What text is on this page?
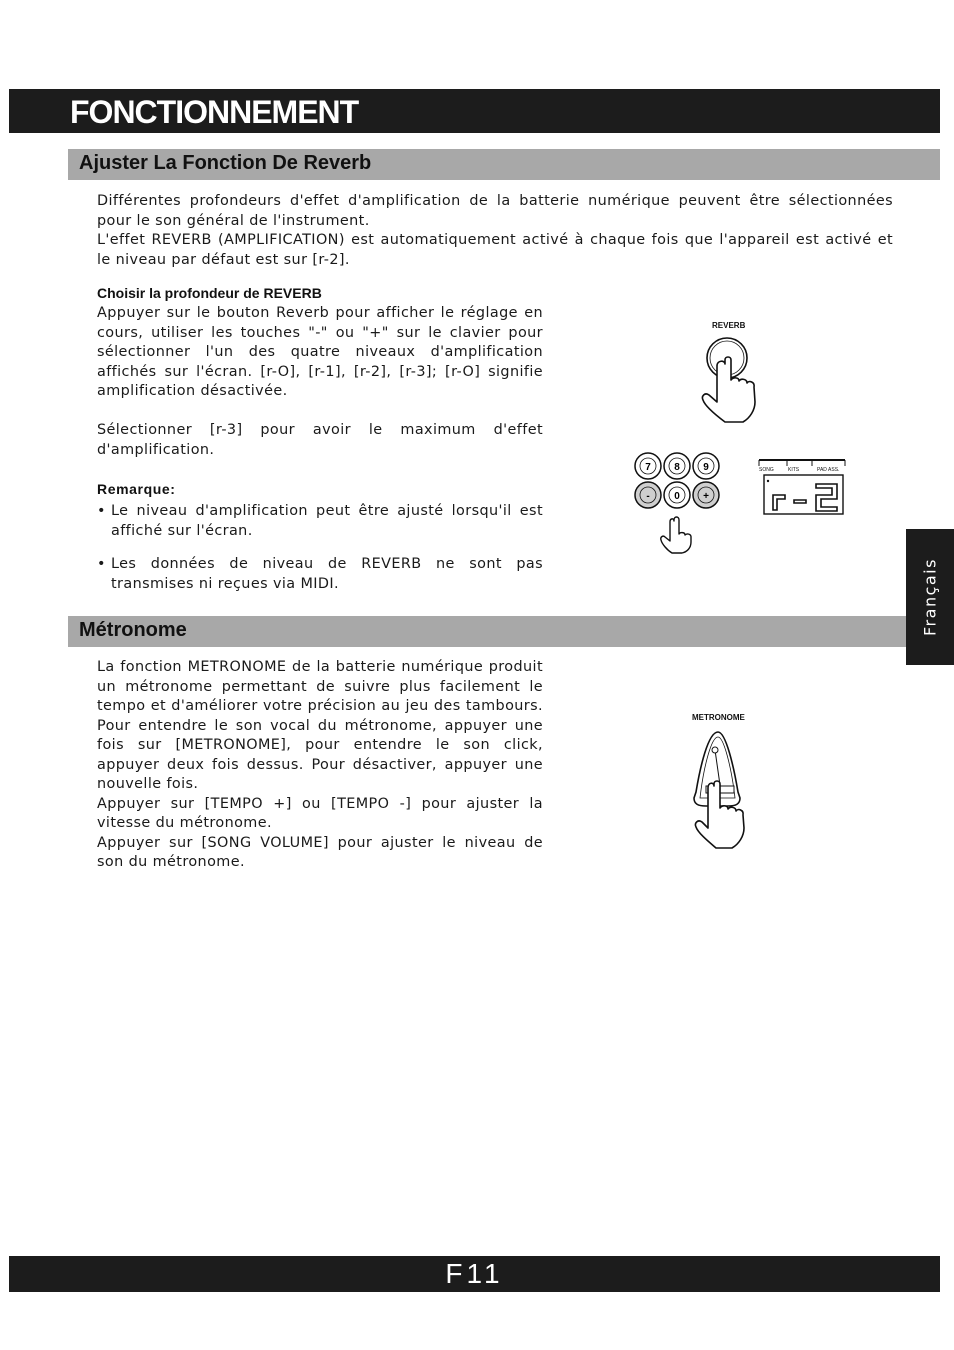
FONCTIONNEMENT
Ajuster La Fonction De Reverb

Différentes profondeurs d'effet d'amplification de la batterie numérique peuvent être sélectionnées pour le son général de l'instrument.

L'effet REVERB (AMPLIFICATION) est automatiquement activé à chaque fois que l'appareil est activé et le niveau par défaut est sur [r-2].

Choisir la profondeur de REVERB

Appuyer sur le bouton Reverb pour afficher le réglage en cours, utiliser les touches "-" ou "+" sur le clavier pour sélectionner l'un des quatre niveaux d'amplification affichés sur l'écran. [r-O], [r-1], [r-2], [r-3]; [r-O] signifie amplification désactivée.

Sélectionner [r-3] pour avoir le maximum d'effet d'amplification.

Remarque:
• Le niveau d'amplification peut être ajusté lorsqu'il est affiché sur l'écran.
• Les données de niveau de REVERB ne sont pas transmises ni reçues via MIDI.
REVERB
7 8 9
- 0 +
SONG	KITS	PAD ASS.
Métronome

La fonction METRONOME de la batterie numérique produit un métronome permettant de suivre plus facilement le tempo et d'améliorer votre précision au jeu des tambours. Pour entendre le son vocal du métronome, appuyer une fois sur [METRONOME], pour entendre le son click, appuyer deux fois dessus. Pour désactiver, appuyer une nouvelle fois.

Appuyer sur [TEMPO +] ou [TEMPO -] pour ajuster la vitesse du métronome.

Appuyer sur [SONG VOLUME] pour ajuster le niveau de son du métronome.

METRONOME
Français
F11
